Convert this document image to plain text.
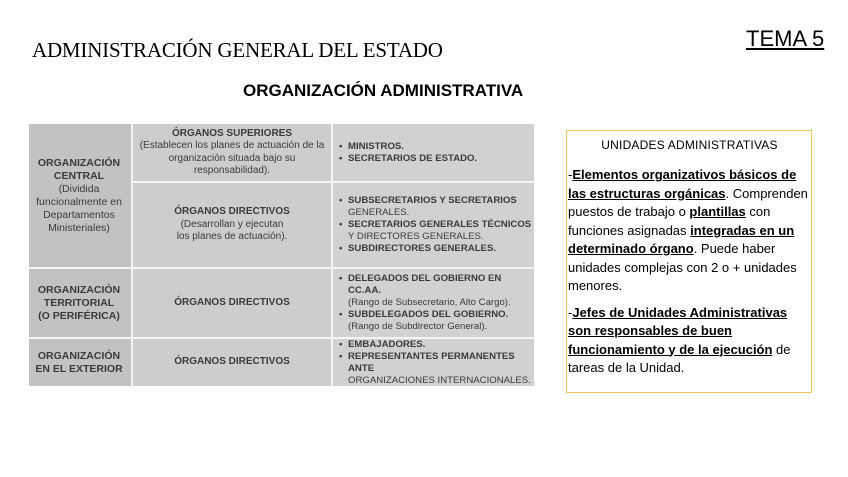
ADMINISTRACIÓN GENERAL DEL ESTADO	TEMA 5
ORGANIZACIÓN ADMINISTRATIVA
ORGANIZACIÓN
CENTRAL
(Dividida
funcionalmente en
Departamentos
Ministeriales)
ÓRGANOS SUPERIORES
(Establecen los planes de actuación de la
organización situada bajo su responsabilidad).
ÓRGANOS DIRECTIVOS
(Desarrollan y ejecutan
los planes de actuación).
• MINISTROS.
• SECRETARIOS DE ESTADO.
• SUBSECRETARIOS Y SECRETARIOS
GENERALES.
• SECRETARIOS GENERALES TÉCNICOS
Y DIRECTORES GENERALES.
• SUBDIRECTORES GENERALES.
ORGANIZACIÓN
TERRITORIAL
(O PERIFÉRICA)
ÓRGANOS DIRECTIVOS
• DELEGADOS DEL GOBIERNO EN CC.AA.
(Rango de Subsecretario, Alto Cargo).
• SUBDELEGADOS DEL GOBIERNO.
(Rango de Subdirector General).
ORGANIZACIÓN
EN EL EXTERIOR
ÓRGANOS DIRECTIVOS
• EMBAJADORES.
• REPRESENTANTES PERMANENTES ANTE
ORGANIZACIONES INTERNACIONALES.
UNIDADES ADMINISTRATIVAS

-Elementos organizativos básicos de
las estructuras orgánicas. Comprenden
puestos de trabajo o plantillas con
funciones asignadas integradas en un
determinado órgano. Puede haber
unidades complejas con 2 o + unidades
menores.

-Jefes de Unidades Administrativas
son responsables de buen
funcionamiento y de la ejecución de
tareas de la Unidad.
